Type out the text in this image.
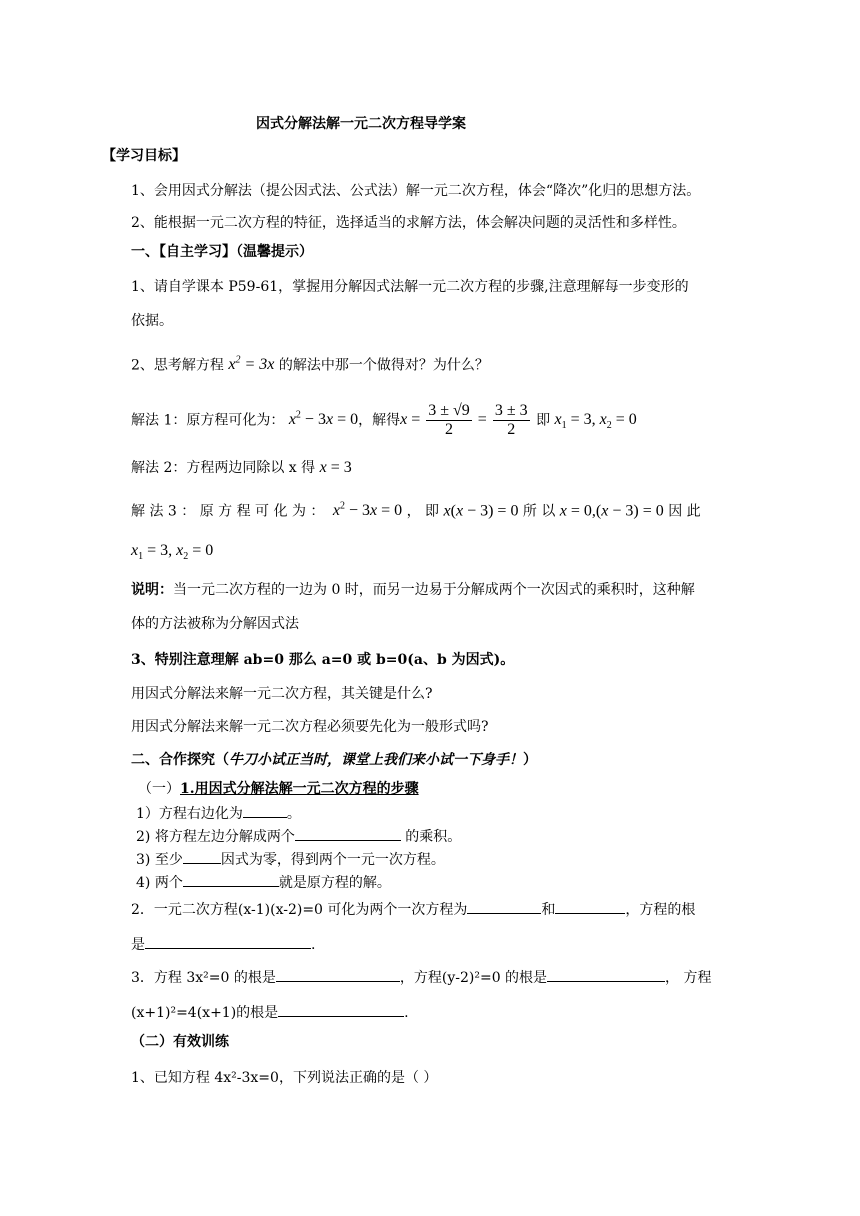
因式分解法解一元二次方程导学案
【学习目标】
1、会用因式分解法（提公因式法、公式法）解一元二次方程，体会“降次”化归的思想方法。
2、能根据一元二次方程的特征，选择适当的求解方法，体会解决问题的灵活性和多样性。
一、【自主学习】（温馨提示）
1、请自学课本 P59-61，掌握用分解因式法解一元二次方程的步骤,注意理解每一步变形的
依据。
2、思考解方程 $x^2 = 3x$ 的解法中那一个做得对？为什么？
解法 1：原方程可化为： $x^2 - 3x = 0$，解得$x = \frac{3 \pm √9}{2} = \frac{3 \pm 3}{2}$ 即 $x_1 = 3$, $x_2 = 0$
解法 2：方程两边同除以 x 得 x = 3
解 法 3 ： 原 方 程 可 化 为 ： $x^2 - 3x = 0$ ， 即 x(x − 3) = 0 所 以 x = 0,(x − 3) = 0 因 此
$x_1 = 3$, $x_2 = 0$
说明：当一元二次方程的一边为 0 时，而另一边易于分解成两个一次因式的乘积时，这种解
体的方法被称为分解因式法
3、特别注意理解 ab=0 那么 a=0 或 b=0(a、b 为因式)。
用因式分解法来解一元二次方程，其关键是什么?
用因式分解法来解一元二次方程必须要先化为一般形式吗?
二、合作探究（牛刀小试正当时，课堂上我们来小试一下身手！）
（一）1.用因式分解法解一元二次方程的步骤
1）方程右边化为	。
2) 将方程左边分解成两个	的乘积。
3) 至少	因式为零，得到两个一元一次方程。
4) 两个	就是原方程的解。
2．一元二次方程(x-1)(x-2)=0 可化为两个一次方程为	和	，方程的根
是	.
3．方程 3x²=0 的根是	，方程(y-2)²=0 的根是	， 方程
(x+1)²=4(x+1)的根是	.
（二）有效训练
1、已知方程 4x²-3x=0，下列说法正确的是（ ）
